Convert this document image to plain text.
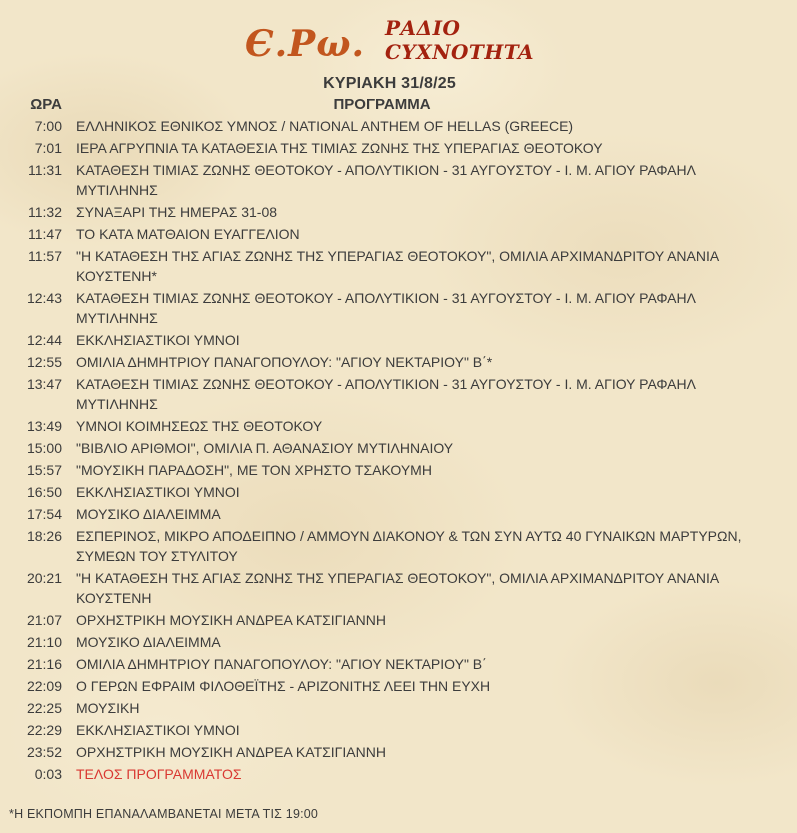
Є.Ρω. ΡΑΔΙΟ
CYXNOTHTA
ΚΥΡΙΑΚΗ 31/8/25
ΩΡΑ	ΠΡΟΓΡΑΜΜΑ
7:00 ΕΛΛΗΝΙΚΟΣ ΕΘΝΙΚΟΣ ΥΜΝΟΣ / NATIONAL ANTHEM OF HELLAS (GREECE)
7:01 ΙΕΡΑ ΑΓΡΥΠΝΙΑ ΤΑ ΚΑΤΑΘΕΣΙΑ ΤΗΣ ΤΙΜΙΑΣ ΖΩΝΗΣ ΤΗΣ ΥΠΕΡΑΓΙΑΣ ΘΕΟΤΟΚΟΥ
11:31 ΚΑΤΑΘΕΣΗ ΤΙΜΙΑΣ ΖΩΝΗΣ ΘΕΟΤΟΚΟΥ - ΑΠΟΛΥΤΙΚΙΟΝ - 31 ΑΥΓΟΥΣΤΟΥ - Ι. Μ. ΑΓΙΟΥ ΡΑΦΑΗΛ ΜΥΤΙΛΗΝΗΣ
11:32 ΣΥΝΑΞΑΡΙ ΤΗΣ ΗΜΕΡΑΣ 31-08
11:47 ΤΟ ΚΑΤΑ ΜΑΤΘΑΙΟΝ ΕΥΑΓΓΕΛΙΟΝ
11:57 "Η ΚΑΤΑΘΕΣΗ ΤΗΣ ΑΓΙΑΣ ΖΩΝΗΣ ΤΗΣ ΥΠΕΡΑΓΙΑΣ ΘΕΟΤΟΚΟΥ", ΟΜΙΛΙΑ ΑΡΧΙΜΑΝΔΡΙΤΟΥ ΑΝΑΝΙΑ ΚΟΥΣΤΕΝΗ*
12:43 ΚΑΤΑΘΕΣΗ ΤΙΜΙΑΣ ΖΩΝΗΣ ΘΕΟΤΟΚΟΥ - ΑΠΟΛΥΤΙΚΙΟΝ - 31 ΑΥΓΟΥΣΤΟΥ - Ι. Μ. ΑΓΙΟΥ ΡΑΦΑΗΛ ΜΥΤΙΛΗΝΗΣ
12:44 ΕΚΚΛΗΣΙΑΣΤΙΚΟΙ ΥΜΝΟΙ
12:55 ΟΜΙΛΙΑ ΔΗΜΗΤΡΙΟΥ ΠΑΝΑΓΟΠΟΥΛΟΥ: "ΑΓΙΟΥ ΝΕΚΤΑΡΙΟΥ" Β΄*
13:47 ΚΑΤΑΘΕΣΗ ΤΙΜΙΑΣ ΖΩΝΗΣ ΘΕΟΤΟΚΟΥ - ΑΠΟΛΥΤΙΚΙΟΝ - 31 ΑΥΓΟΥΣΤΟΥ - Ι. Μ. ΑΓΙΟΥ ΡΑΦΑΗΛ ΜΥΤΙΛΗΝΗΣ
13:49 ΥΜΝΟΙ ΚΟΙΜΗΣΕΩΣ ΤΗΣ ΘΕΟΤΟΚΟΥ
15:00 "ΒΙΒΛΙΟ ΑΡΙΘΜΟΙ", ΟΜΙΛΙΑ Π. ΑΘΑΝΑΣΙΟΥ ΜΥΤΙΛΗΝΑΙΟΥ
15:57 "ΜΟΥΣΙΚΗ ΠΑΡΑΔΟΣΗ", ΜΕ ΤΟΝ ΧΡΗΣΤΟ ΤΣΑΚΟΥΜΗ
16:50 ΕΚΚΛΗΣΙΑΣΤΙΚΟΙ ΥΜΝΟΙ
17:54 ΜΟΥΣΙΚΟ ΔΙΑΛΕΙΜΜΑ
18:26 ΕΣΠΕΡΙΝΟΣ, ΜΙΚΡΟ ΑΠΟΔΕΙΠΝΟ / ΑΜΜΟΥΝ ΔΙΑΚΟΝΟΥ & ΤΩΝ ΣΥΝ ΑΥΤΩ 40 ΓΥΝΑΙΚΩΝ ΜΑΡΤΥΡΩΝ, ΣΥΜΕΩΝ ΤΟΥ ΣΤΥΛΙΤΟΥ
20:21 "Η ΚΑΤΑΘΕΣΗ ΤΗΣ ΑΓΙΑΣ ΖΩΝΗΣ ΤΗΣ ΥΠΕΡΑΓΙΑΣ ΘΕΟΤΟΚΟΥ", ΟΜΙΛΙΑ ΑΡΧΙΜΑΝΔΡΙΤΟΥ ΑΝΑΝΙΑ ΚΟΥΣΤΕΝΗ
21:07 ΟΡΧΗΣΤΡΙΚΗ ΜΟΥΣΙΚΗ ΑΝΔΡΕΑ ΚΑΤΣΙΓΙΑΝΝΗ
21:10 ΜΟΥΣΙΚΟ ΔΙΑΛΕΙΜΜΑ
21:16 ΟΜΙΛΙΑ ΔΗΜΗΤΡΙΟΥ ΠΑΝΑΓΟΠΟΥΛΟΥ: "ΑΓΙΟΥ ΝΕΚΤΑΡΙΟΥ" Β΄
22:09 Ο ΓΕΡΩΝ ΕΦΡΑΙΜ ΦΙΛΟΘΕΪΤΗΣ - ΑΡΙΖΟΝΙΤΗΣ ΛΕΕΙ ΤΗΝ ΕΥΧΗ
22:25 ΜΟΥΣΙΚΗ
22:29 ΕΚΚΛΗΣΙΑΣΤΙΚΟΙ ΥΜΝΟΙ
23:52 ΟΡΧΗΣΤΡΙΚΗ ΜΟΥΣΙΚΗ ΑΝΔΡΕΑ ΚΑΤΣΙΓΙΑΝΝΗ
0:03 ΤΕΛΟΣ ΠΡΟΓΡΑΜΜΑΤΟΣ
*Η ΕΚΠΟΜΠΗ ΕΠΑΝΑΛΑΜΒΑΝΕΤΑΙ ΜΕΤΑ ΤΙΣ 19:00
